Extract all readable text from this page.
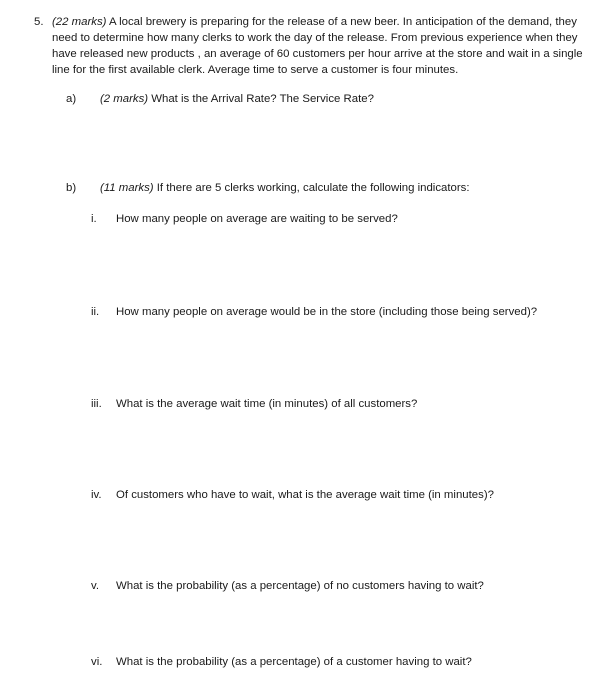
5. (22 marks) A local brewery is preparing for the release of a new beer. In anticipation of the demand, they need to determine how many clerks to work the day of the release. From previous experience when they have released new products , an average of 60 customers per hour arrive at the store and wait in a single line for the first available clerk. Average time to serve a customer is four minutes.
a) (2 marks) What is the Arrival Rate? The Service Rate?
b) (11 marks) If there are 5 clerks working, calculate the following indicators:
i. How many people on average are waiting to be served?
ii. How many people on average would be in the store (including those being served)?
iii. What is the average wait time (in minutes) of all customers?
iv. Of customers who have to wait, what is the average wait time (in minutes)?
v. What is the probability (as a percentage) of no customers having to wait?
vi. What is the probability (as a percentage) of a customer having to wait?
